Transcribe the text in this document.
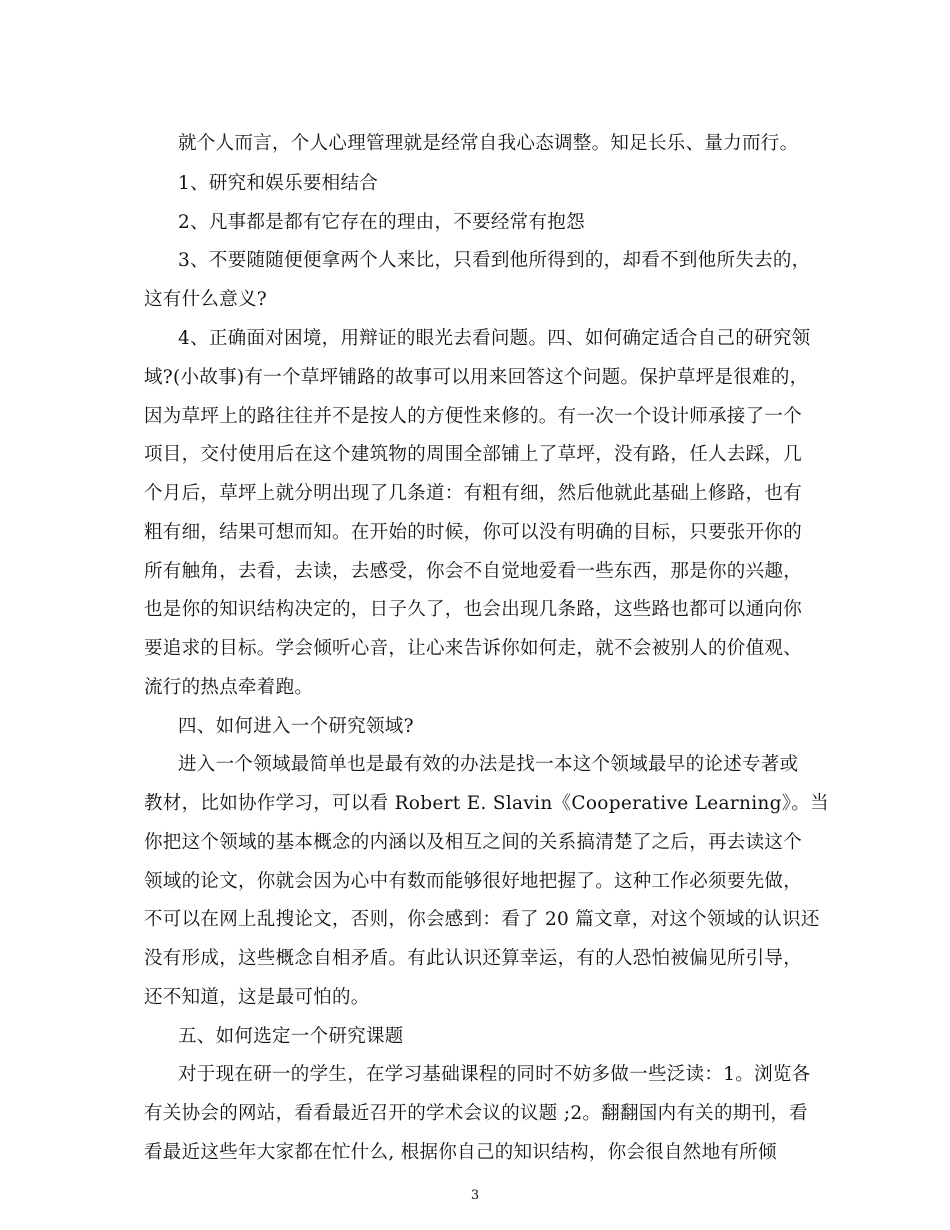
就个人而言，个人心理管理就是经常自我心态调整。知足长乐、量力而行。
1、研究和娱乐要相结合
2、凡事都是都有它存在的理由，不要经常有抱怨
3、不要随随便便拿两个人来比，只看到他所得到的，却看不到他所失去的，
这有什么意义?
4、正确面对困境，用辩证的眼光去看问题。四、如何确定适合自己的研究领
域?(小故事)有一个草坪铺路的故事可以用来回答这个问题。保护草坪是很难的，
因为草坪上的路往往并不是按人的方便性来修的。有一次一个设计师承接了一个
项目，交付使用后在这个建筑物的周围全部铺上了草坪，没有路，任人去踩，几
个月后，草坪上就分明出现了几条道：有粗有细，然后他就此基础上修路，也有
粗有细，结果可想而知。在开始的时候，你可以没有明确的目标，只要张开你的
所有触角，去看，去读，去感受，你会不自觉地爱看一些东西，那是你的兴趣，
也是你的知识结构决定的，日子久了，也会出现几条路，这些路也都可以通向你
要追求的目标。学会倾听心音，让心来告诉你如何走，就不会被别人的价值观、
流行的热点牵着跑。
四、如何进入一个研究领域?
进入一个领域最简单也是最有效的办法是找一本这个领域最早的论述专著或
教材，比如协作学习，可以看 Robert E. Slavin《Cooperative Learning》。当
你把这个领域的基本概念的内涵以及相互之间的关系搞清楚了之后，再去读这个
领域的论文，你就会因为心中有数而能够很好地把握了。这种工作必须要先做，
不可以在网上乱搜论文，否则，你会感到：看了 20 篇文章，对这个领域的认识还
没有形成，这些概念自相矛盾。有此认识还算幸运，有的人恐怕被偏见所引导，
还不知道，这是最可怕的。
五、如何选定一个研究课题
对于现在研一的学生，在学习基础课程的同时不妨多做一些泛读：1。浏览各
有关协会的网站，看看最近召开的学术会议的议题 ;2。翻翻国内有关的期刊，看
看最近这些年大家都在忙什么, 根据你自己的知识结构，你会很自然地有所倾
3
